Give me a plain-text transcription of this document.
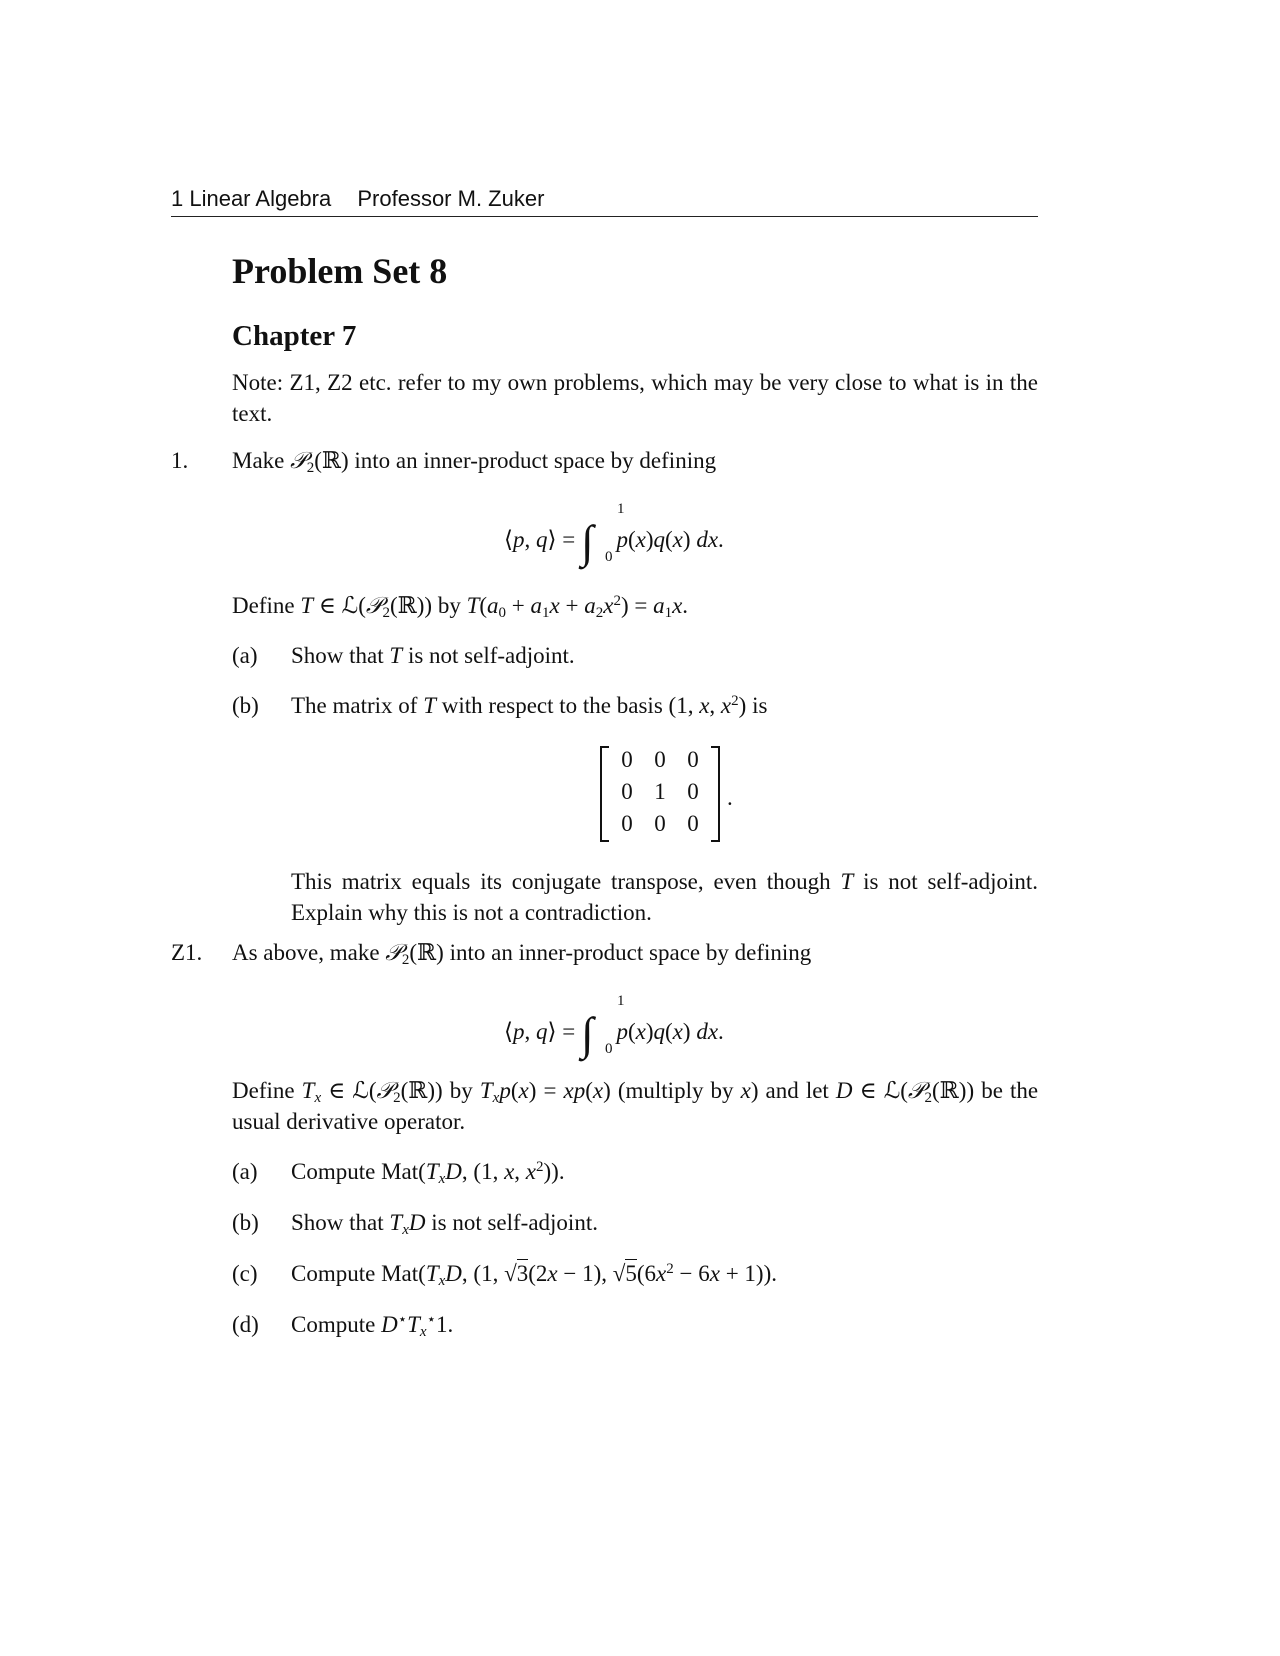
1 Linear Algebra Professor M. Zuker
Problem Set 8
Chapter 7
Note: Z1, Z2 etc. refer to my own problems, which may be very close to what is in the text.
1. Make 𝒫$_2$(ℝ) into an inner-product space by defining
⟨p, q⟩ = ∫
1
0
p(x)q(x) dx.
Define T ∈ ℒ(𝒫$_2$(ℝ)) by $T(a_0 + a_1x + a_2x^2) = a_1x$.
(a) Show that T is not self-adjoint.
(b) The matrix of T with respect to the basis (1, x, $x^2$) is
0 0 0
0 1 0
0 0 0
.
This matrix equals its conjugate transpose, even though T is not self-adjoint. Explain why this is not a contradiction.
Z1. As above, make 𝒫$_2$(ℝ) into an inner-product space by defining
⟨p, q⟩ = ∫
1
0
p(x)q(x) dx.
Define $T_x$ ∈ ℒ(𝒫$_2$(ℝ)) by $T_xp(x) = xp(x)$ (multiply by x) and let D ∈ ℒ(𝒫$_2$(ℝ)) be the usual derivative operator.
(a) Compute $Mat(T_xD$, (1, x, $x^2$)).
(b) Show that $T_xD$ is not self-adjoint.
(c) Compute $Mat(T_xD$, (1, √3(2x − 1), $√5(6x^2 - 6x + 1)$).
(d) Compute $D^⋆T_x^⋆1$.
